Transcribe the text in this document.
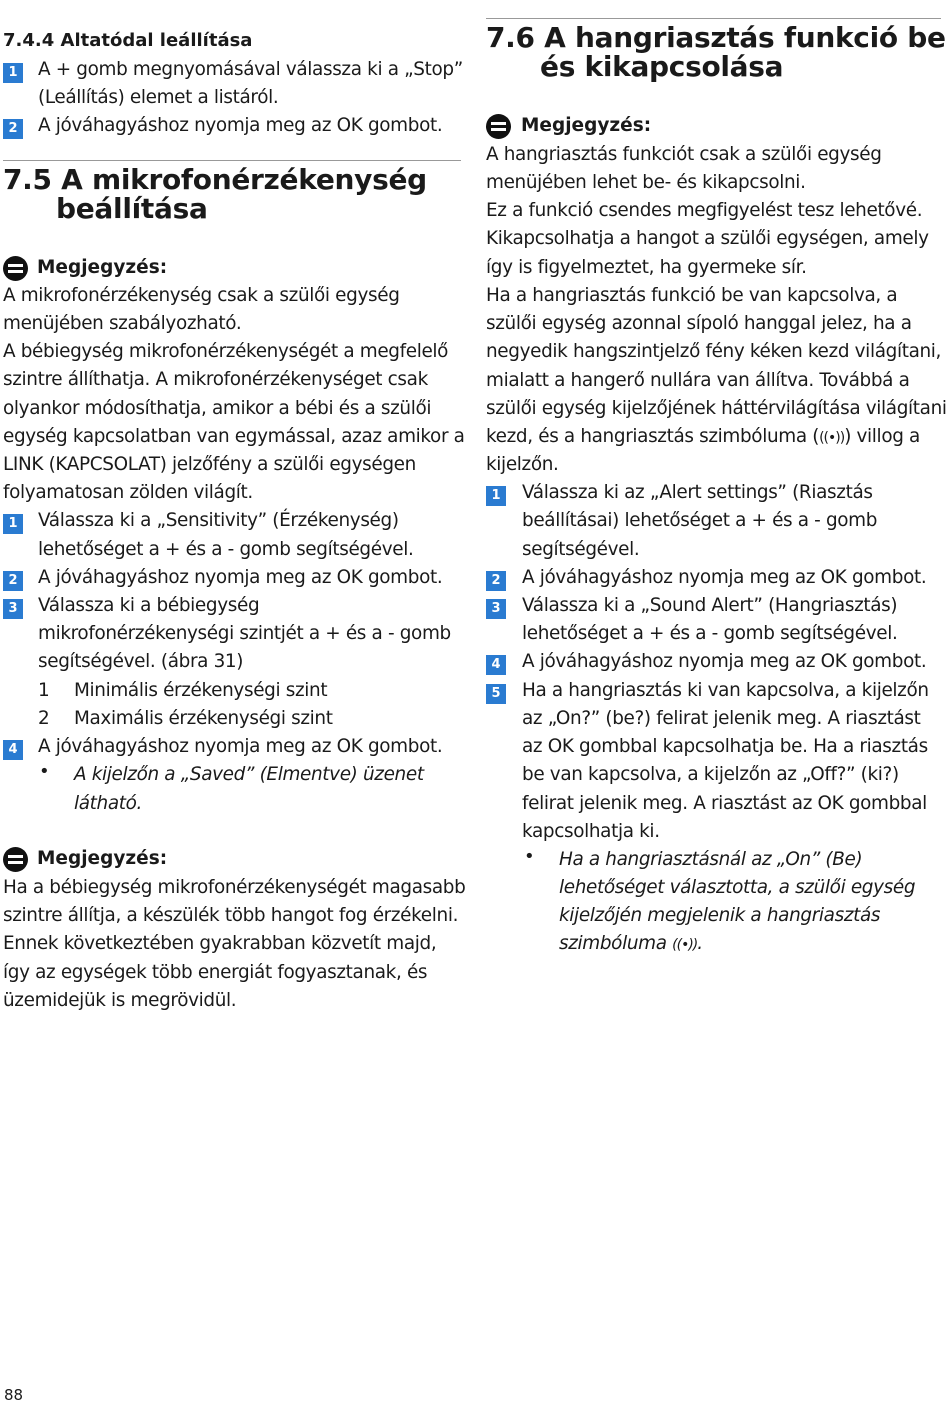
7.4.4 Altatódal leállítása
1 A + gomb megnyomásával válassza ki a „Stop”
(Leállítás) elemet a listáról.
2 A jóváhagyáshoz nyomja meg az OK gombot.
7.5 A mikrofonérzékenység
beállítása
Megjegyzés:
A mikrofonérzékenység csak a szülői egység
menüjében szabályozható.
A bébiegység mikrofonérzékenységét a megfelelő
szintre állíthatja. A mikrofonérzékenységet csak
olyankor módosíthatja, amikor a bébi és a szülői
egység kapcsolatban van egymással, azaz amikor a
LINK (KAPCSOLAT) jelzőfény a szülői egységen
folyamatosan zölden világít.
1 Válassza ki a „Sensitivity” (Érzékenység)
lehetőséget a + és a - gomb segítségével.
2 A jóváhagyáshoz nyomja meg az OK gombot.
3 Válassza ki a bébiegység
mikrofonérzékenységi szintjét a + és a - gomb
segítségével. (ábra 31)
1 Minimális érzékenységi szint
2 Maximális érzékenységi szint
4 A jóváhagyáshoz nyomja meg az OK gombot.
• A kijelzőn a „Saved” (Elmentve) üzenet
látható.
Megjegyzés:
Ha a bébiegység mikrofonérzékenységét magasabb
szintre állítja, a készülék több hangot fog érzékelni.
Ennek következtében gyakrabban közvetít majd,
így az egységek több energiát fogyasztanak, és
üzemidejük is megrövidül.
7.6 A hangriasztás funkció be
és kikapcsolása
Megjegyzés:
A hangriasztás funkciót csak a szülői egység
menüjében lehet be- és kikapcsolni.
Ez a funkció csendes megfigyelést tesz lehetővé.
Kikapcsolhatja a hangot a szülői egységen, amely
így is figyelmeztet, ha gyermeke sír.
Ha a hangriasztás funkció be van kapcsolva, a
szülői egység azonnal sípoló hanggal jelez, ha a
negyedik hangszintjelző fény kéken kezd világítani,
mialatt a hangerő nullára van állítva. Továbbá a
szülői egység kijelzőjének háttérvilágítása világítani
kezd, és a hangriasztás szimbóluma (((•))) villog a
kijelzőn.
1 Válassza ki az „Alert settings” (Riasztás
beállításai) lehetőséget a + és a - gomb
segítségével.
2 A jóváhagyáshoz nyomja meg az OK gombot.
3 Válassza ki a „Sound Alert” (Hangriasztás)
lehetőséget a + és a - gomb segítségével.
4 A jóváhagyáshoz nyomja meg az OK gombot.
5 Ha a hangriasztás ki van kapcsolva, a kijelzőn
az „On?” (be?) felirat jelenik meg. A riasztást
az OK gombbal kapcsolhatja be. Ha a riasztás
be van kapcsolva, a kijelzőn az „Off?” (ki?)
felirat jelenik meg. A riasztást az OK gombbal
kapcsolhatja ki.
• Ha a hangriasztásnál az „On” (Be)
lehetőséget választotta, a szülői egység
kijelzőjén megjelenik a hangriasztás
szimbóluma ((•)).
88
